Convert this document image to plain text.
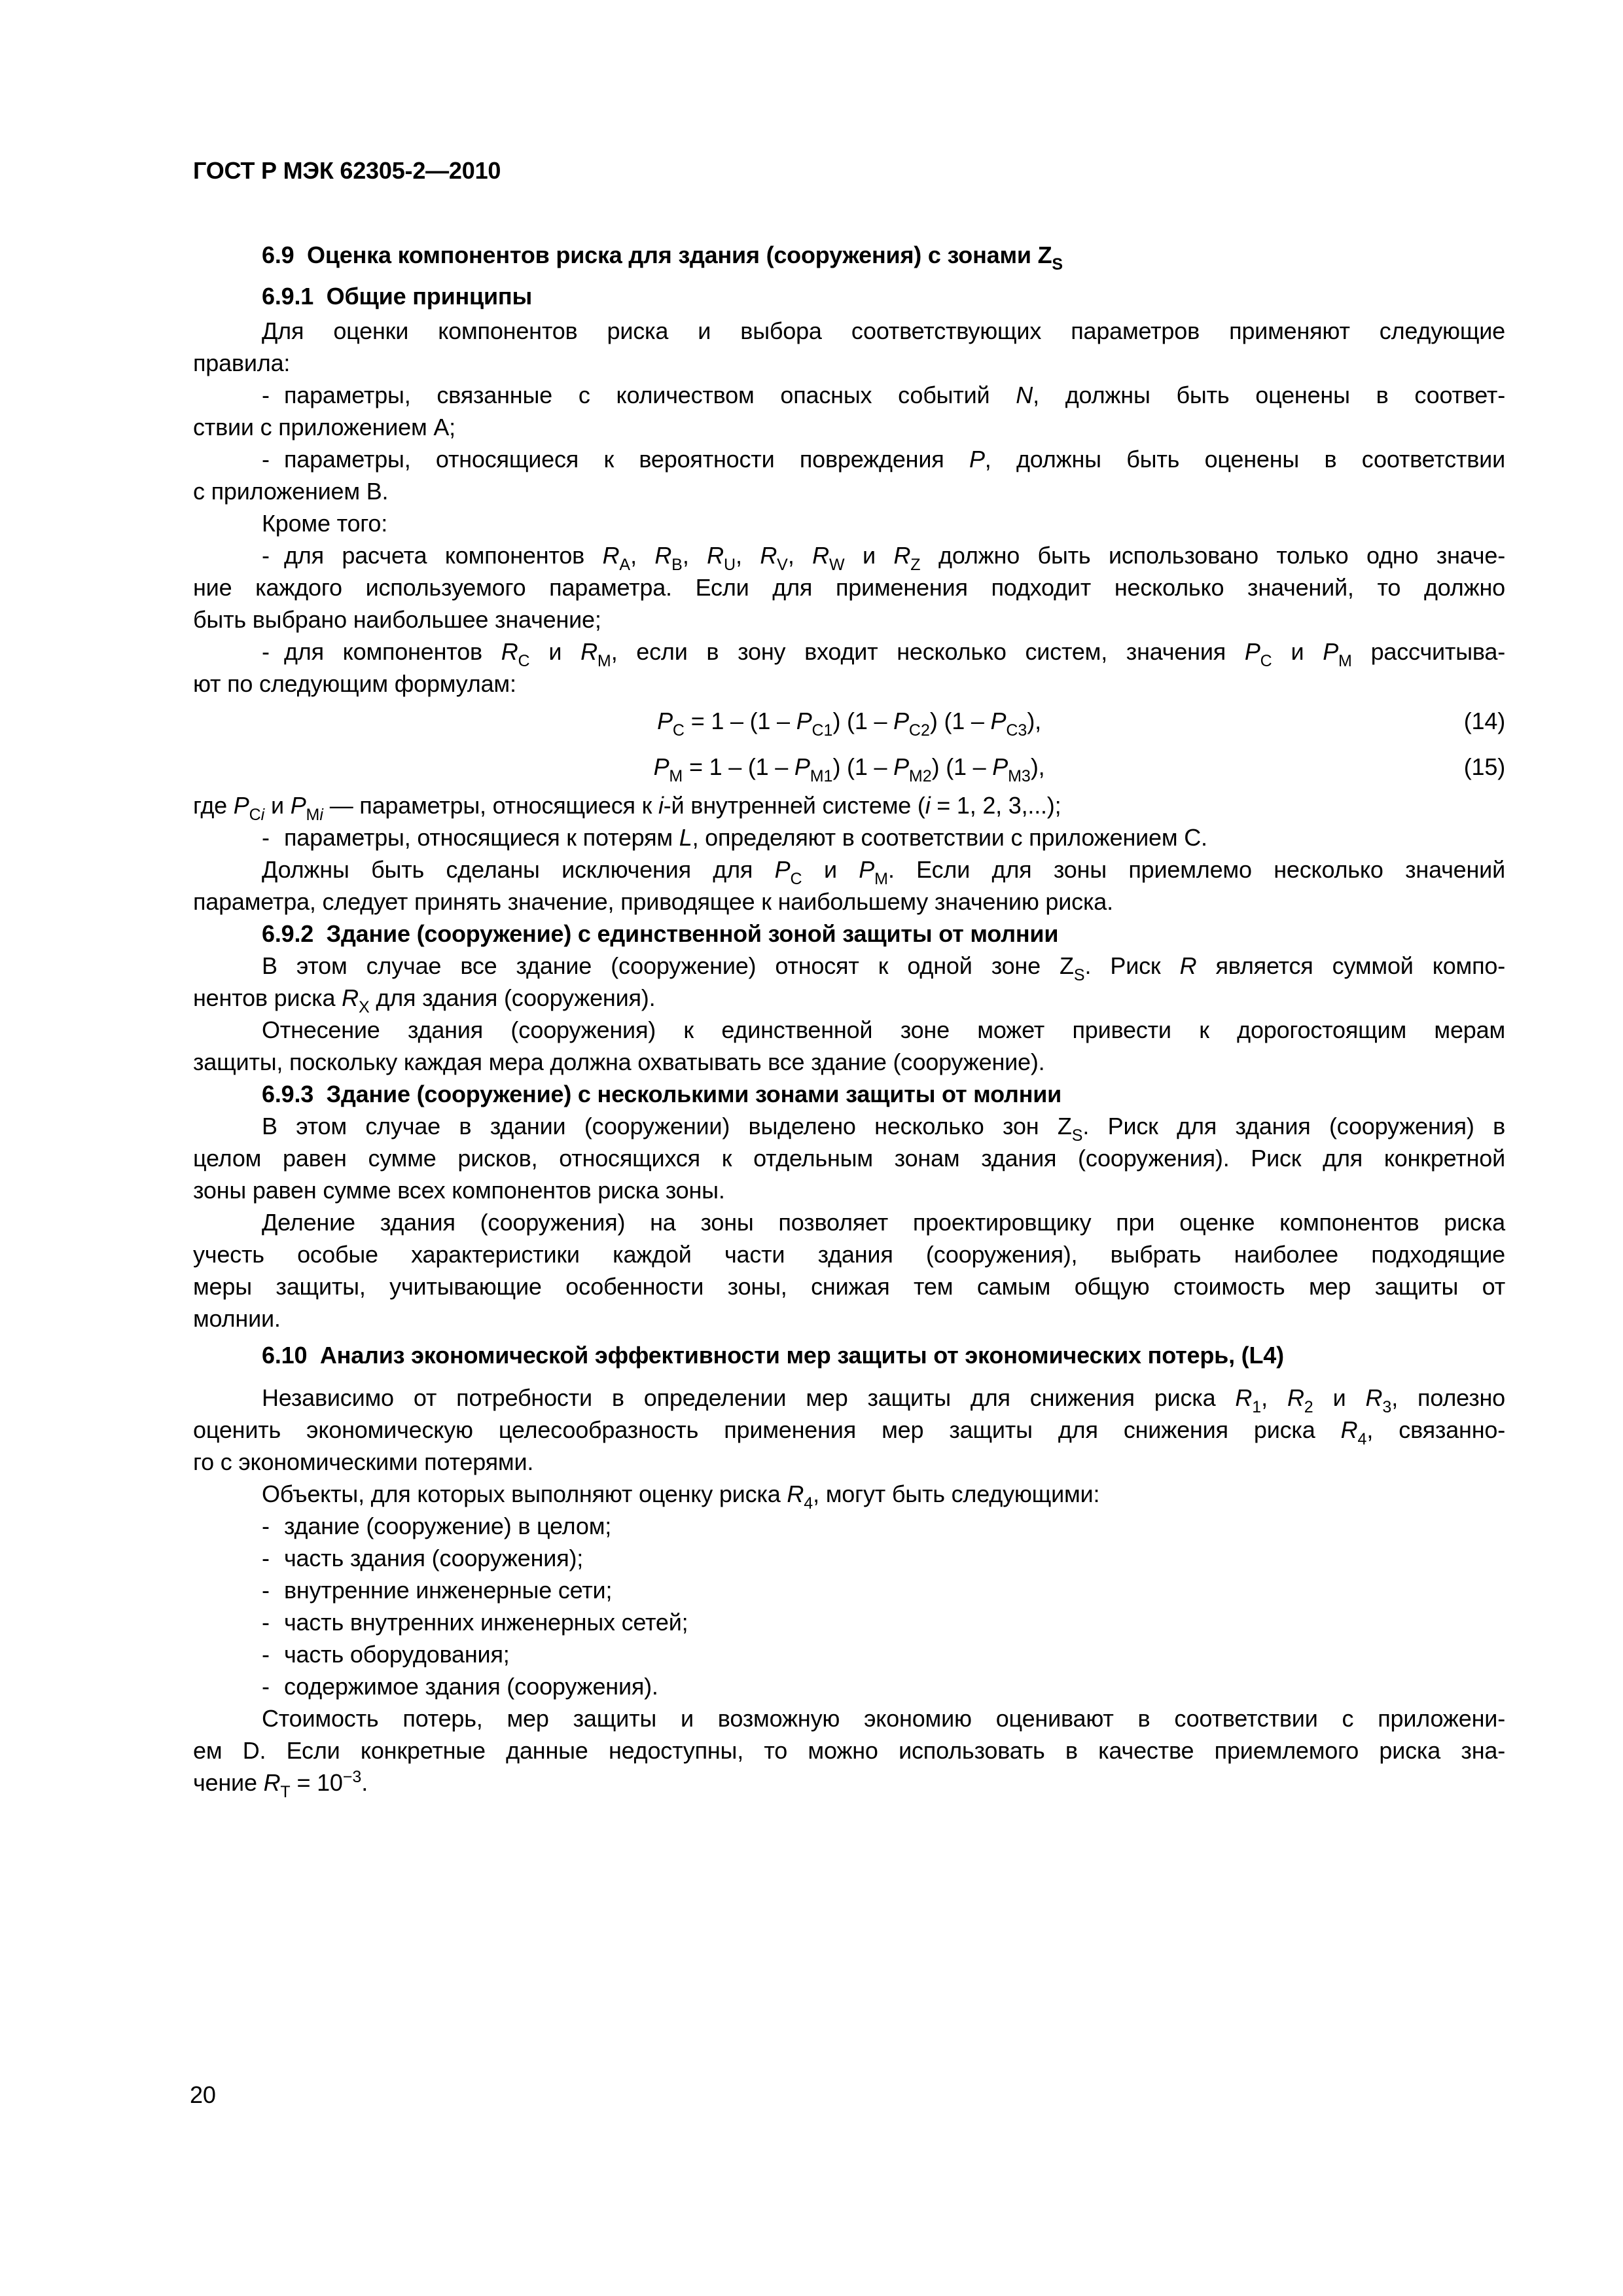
ГОСТ Р МЭК 62305-2—2010
6.9  Оценка компонентов риска для здания (сооружения) с зонами $Z_S$
6.9.1  Общие принципы
Для оценки компонентов риска и выбора соответствующих параметров применяют следующие
правила:
- параметры, связанные с количеством опасных событий N, должны быть оценены в соответ-
ствии с приложением A;
- параметры, относящиеся к вероятности повреждения P, должны быть оценены в соответствии
с приложением B.
Кроме того:
- для расчета компонентов $R_A$, $R_B$, $R_U$, $R_V$, $R_W$ и $R_Z$ должно быть использовано только одно значе-
ние каждого используемого параметра. Если для применения подходит несколько значений, то должно
быть выбрано наибольшее значение;
- для компонентов $R_C$ и $R_M$, если в зону входит несколько систем, значения $P_C$ и $P_M$ рассчитыва-
ют по следующим формулам:
$P_C = 1 - (1 - P_{C1})$ $(1 - P_{C2})$ $(1 - P_{C3})$,	(14)
$P_M = 1 - (1 - P_{M1})$ $(1 - P_{M2})$ $(1 - P_{M3})$,	(15)
где $P_{Ci}$ и $P_{Mi}$ — параметры, относящиеся к i-й внутренней системе (i = 1, 2, 3,...);
- параметры, относящиеся к потерям L, определяют в соответствии с приложением C.
Должны быть сделаны исключения для $P_C$ и $P_M$. Если для зоны приемлемо несколько значений
параметра, следует принять значение, приводящее к наибольшему значению риска.
6.9.2  Здание (сооружение) с единственной зоной защиты от молнии
В этом случае все здание (сооружение) относят к одной зоне $Z_S$. Риск R является суммой компо-
нентов риска $R_X$ для здания (сооружения).
Отнесение здания (сооружения) к единственной зоне может привести к дорогостоящим мерам
защиты, поскольку каждая мера должна охватывать все здание (сооружение).
6.9.3  Здание (сооружение) с несколькими зонами защиты от молнии
В этом случае в здании (сооружении) выделено несколько зон $Z_S$. Риск для здания (сооружения) в
целом равен сумме рисков, относящихся к отдельным зонам здания (сооружения). Риск для конкретной
зоны равен сумме всех компонентов риска зоны.
Деление здания (сооружения) на зоны позволяет проектировщику при оценке компонентов риска
учесть особые характеристики каждой части здания (сооружения), выбрать наиболее подходящие
меры защиты, учитывающие особенности зоны, снижая тем самым общую стоимость мер защиты от
молнии.
6.10  Анализ экономической эффективности мер защиты от экономических потерь, (L4)
Независимо от потребности в определении мер защиты для снижения риска $R_1$, $R_2$ и $R_3$, полезно
оценить экономическую целесообразность применения мер защиты для снижения риска $R_4$, связанно-
го с экономическими потерями.
Объекты, для которых выполняют оценку риска $R_4$, могут быть следующими:
- здание (сооружение) в целом;
- часть здания (сооружения);
- внутренние инженерные сети;
- часть внутренних инженерных сетей;
- часть оборудования;
- содержимое здания (сооружения).
Стоимость потерь, мер защиты и возможную экономию оценивают в соответствии с приложени-
ем D. Если конкретные данные недоступны, то можно использовать в качестве приемлемого риска зна-
чение $R_T = 10^{-3}$.
20
